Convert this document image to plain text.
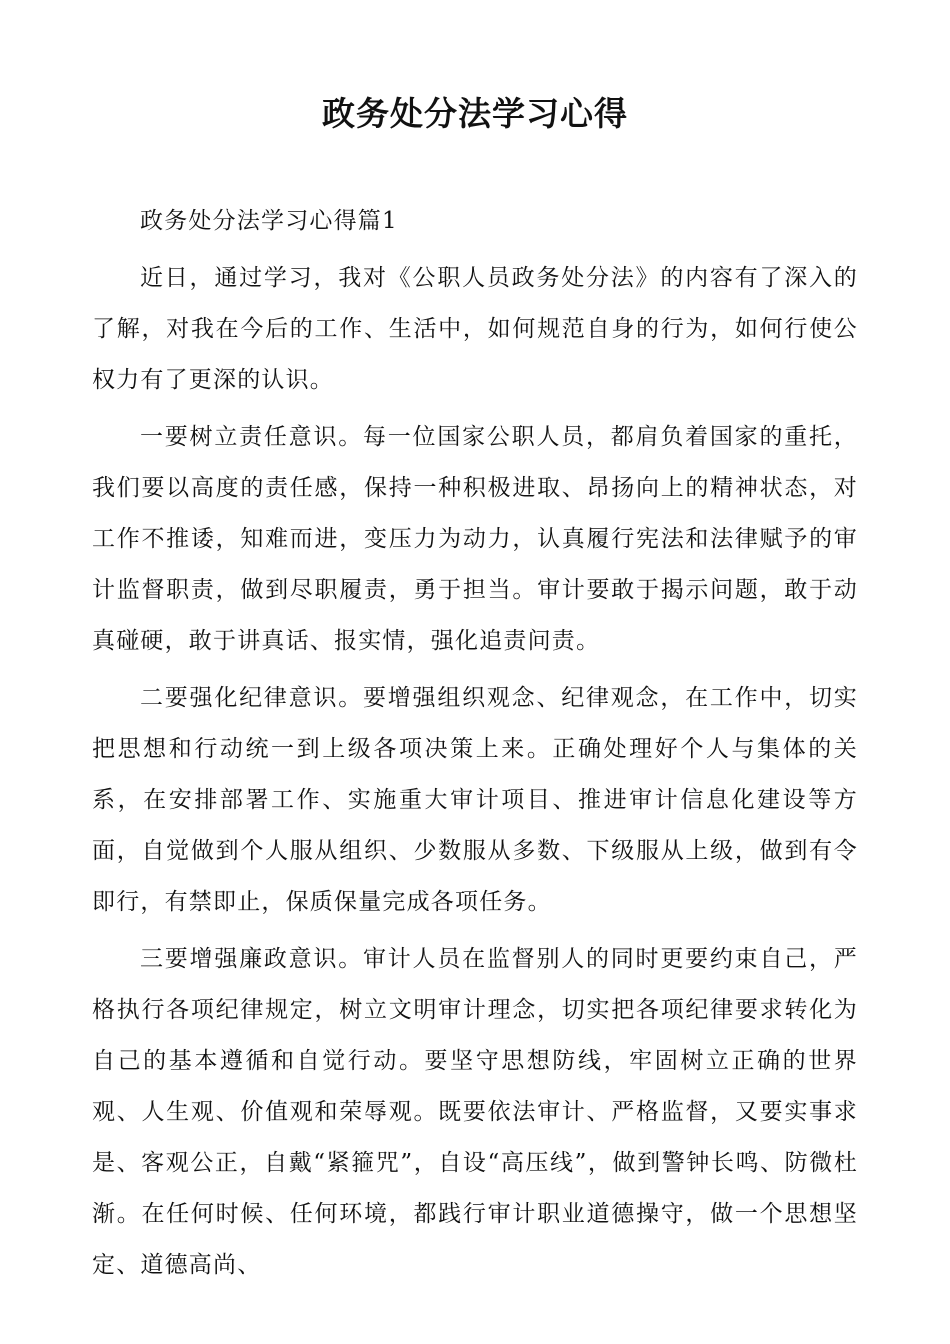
政务处分法学习心得

政务处分法学习心得篇1

近日，通过学习，我对《公职人员政务处分法》的内容有了深入的了解，对我在今后的工作、生活中，如何规范自身的行为，如何行使公权力有了更深的认识。

一要树立责任意识。每一位国家公职人员，都肩负着国家的重托，我们要以高度的责任感，保持一种积极进取、昂扬向上的精神状态，对工作不推诿，知难而进，变压力为动力，认真履行宪法和法律赋予的审计监督职责，做到尽职履责，勇于担当。审计要敢于揭示问题，敢于动真碰硬，敢于讲真话、报实情，强化追责问责。

二要强化纪律意识。要增强组织观念、纪律观念，在工作中，切实把思想和行动统一到上级各项决策上来。正确处理好个人与集体的关系，在安排部署工作、实施重大审计项目、推进审计信息化建设等方面，自觉做到个人服从组织、少数服从多数、下级服从上级，做到有令即行，有禁即止，保质保量完成各项任务。

三要增强廉政意识。审计人员在监督别人的同时更要约束自己，严格执行各项纪律规定，树立文明审计理念，切实把各项纪律要求转化为自己的基本遵循和自觉行动。要坚守思想防线，牢固树立正确的世界观、人生观、价值观和荣辱观。既要依法审计、严格监督，又要实事求是、客观公正，自戴“紧箍咒”，自设“高压线”，做到警钟长鸣、防微杜渐。在任何时候、任何环境，都践行审计职业道德操守，做一个思想坚定、道德高尚、
